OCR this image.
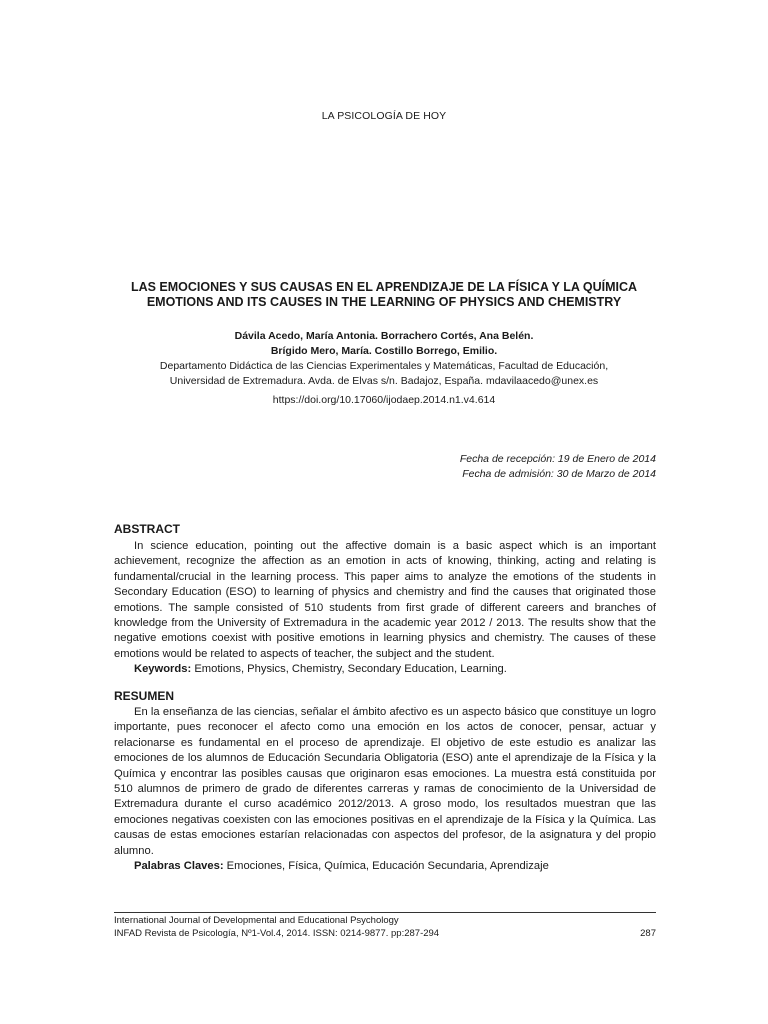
LA PSICOLOGÍA DE HOY
LAS EMOCIONES Y SUS CAUSAS EN EL APRENDIZAJE DE LA FÍSICA Y LA QUÍMICA
EMOTIONS AND ITS CAUSES IN THE LEARNING OF PHYSICS AND CHEMISTRY
Dávila Acedo, María Antonia. Borrachero Cortés, Ana Belén.
Brígido Mero, María. Costillo Borrego, Emilio.
Departamento Didáctica de las Ciencias Experimentales y Matemáticas, Facultad de Educación,
Universidad de Extremadura. Avda. de Elvas s/n. Badajoz, España. mdavilaacedo@unex.es
https://doi.org/10.17060/ijodaep.2014.n1.v4.614
Fecha de recepción: 19 de Enero de 2014
Fecha de admisión: 30 de Marzo de 2014
ABSTRACT

In science education, pointing out the affective domain is a basic aspect which is an important achievement, recognize the affection as an emotion in acts of knowing, thinking, acting and relating is fundamental/crucial in the learning process. This paper aims to analyze the emotions of the students in Secondary Education (ESO) to learning of physics and chemistry and find the causes that originated those emotions. The sample consisted of 510 students from first grade of different careers and branches of knowledge from the University of Extremadura in the academic year 2012 / 2013. The results show that the negative emotions coexist with positive emotions in learning physics and chemistry. The causes of these emotions would be related to aspects of teacher, the subject and the student.

Keywords: Emotions, Physics, Chemistry, Secondary Education, Learning.

RESUMEN

En la enseñanza de las ciencias, señalar el ámbito afectivo es un aspecto básico que constituye un logro importante, pues reconocer el afecto como una emoción en los actos de conocer, pensar, actuar y relacionarse es fundamental en el proceso de aprendizaje. El objetivo de este estudio es analizar las emociones de los alumnos de Educación Secundaria Obligatoria (ESO) ante el aprendizaje de la Física y la Química y encontrar las posibles causas que originaron esas emociones. La muestra está constituida por 510 alumnos de primero de grado de diferentes carreras y ramas de conocimiento de la Universidad de Extremadura durante el curso académico 2012/2013. A groso modo, los resultados muestran que las emociones negativas coexisten con las emociones positivas en el aprendizaje de la Física y la Química. Las causas de estas emociones estarían relacionadas con aspectos del profesor, de la asignatura y del propio alumno.

Palabras Claves: Emociones, Física, Química, Educación Secundaria, Aprendizaje

International Journal of Developmental and Educational Psychology
INFAD Revista de Psicología, Nº1-Vol.4, 2014. ISSN: 0214-9877. pp:287-294	287
